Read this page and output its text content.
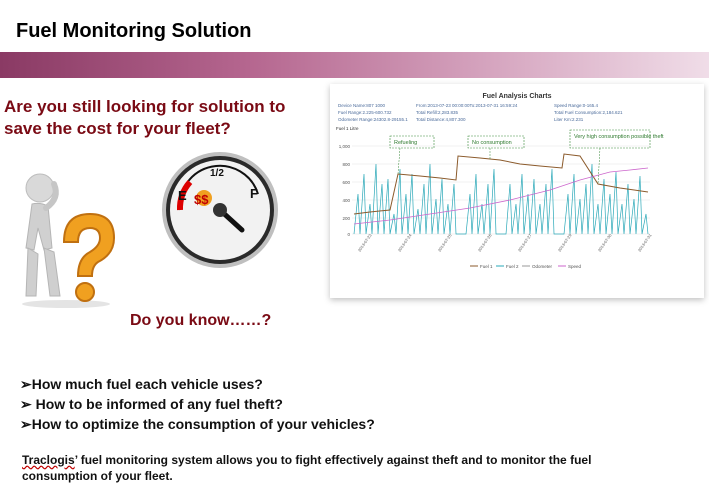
Fuel Monitoring Solution
Are you still looking for solution to save the cost for your fleet?
E
1/2
F
$$
Fuel Analysis Charts
Device Name:807 1000
Fuel Range:2.225-600.732
Odometer Range:24302.8-29155.1
From:2013-07-23 00:00:00To:2013-07-31 16:59:24
Total Refill:2,283.835
Total Distance:4,807.300
Speed Range:0-165.4
Total Fuel Consumption:2,184.621
Liter Km:2.231
Fuel 1 Litre
1,000
800
600
400
200
0
Refueling	No consumption
Very high consumption possible theft
2013-07-23	2013-07-24	2013-07-25	2013-07-26	2013-07-27	2013-07-29	2013-07-30	2013-07-31
Fuel 1	Fuel 2	Odometer	Speed
Do you know……?
➢How much fuel each vehicle uses?
➢ How to be informed of any fuel theft?
➢How to optimize the consumption of your vehicles?
Traclogis’ fuel monitoring system allows you to fight effectively against theft and to monitor the fuel consumption of your fleet.
